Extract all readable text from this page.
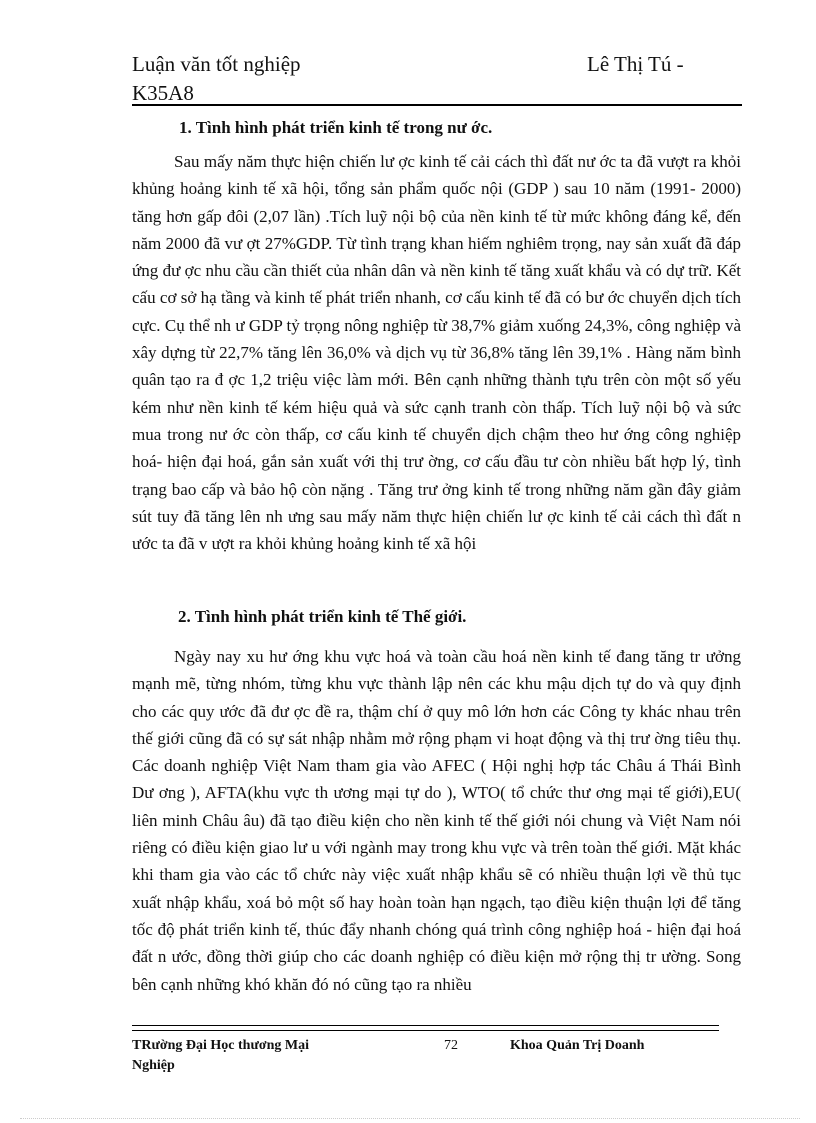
Luận văn tốt nghiệp	Lê Thị Tú -
K35A8
1. Tình hình phát triển kinh tế trong nư ớc.

Sau mấy năm thực hiện chiến lư ợc kinh tế cải cách thì đất nư ớc ta đã vượt ra khỏi khủng hoảng kinh tế xã hội, tổng sản phẩm quốc nội (GDP ) sau 10 năm (1991- 2000) tăng hơn gấp đôi (2,07 lần) .Tích luỹ nội bộ của nền kinh tế từ mức không đáng kể, đến năm 2000 đã vư ợt 27%GDP. Từ tình trạng khan hiếm nghiêm trọng, nay sản xuất đã đáp ứng đư ợc nhu cầu cần thiết của nhân dân và nền kinh tế tăng xuất khẩu và có dự trữ. Kết cấu cơ sở hạ tầng và kinh tế phát triển nhanh, cơ cấu kinh tế đã có bư ớc chuyển dịch tích cực. Cụ thể nh ư GDP tỷ trọng nông nghiệp từ 38,7% giảm xuống 24,3%, công nghiệp và xây dựng từ 22,7% tăng lên 36,0% và dịch vụ từ 36,8% tăng lên 39,1% . Hàng năm bình quân tạo ra đ ợc 1,2 triệu việc làm mới. Bên cạnh những thành tựu trên còn một số yếu kém như nền kinh tế kém hiệu quả và sức cạnh tranh còn thấp. Tích luỹ nội bộ và sức mua trong nư ớc còn thấp, cơ cấu kinh tế chuyển dịch chậm theo hư ớng công nghiệp hoá- hiện đại hoá, gắn sản xuất với thị trư ờng, cơ cấu đầu tư còn nhiều bất hợp lý, tình trạng bao cấp và bảo hộ còn nặng . Tăng trư ởng kinh tế trong những năm gần đây giảm sút tuy đã tăng lên nh ưng sau mấy năm thực hiện chiến lư ợc kinh tế cải cách thì đất n ước ta đã v ượt ra khỏi khủng hoảng kinh tế xã hội

2. Tình hình phát triển kinh tế Thế giới.

Ngày nay xu hư ớng khu vực hoá và toàn cầu hoá nền kinh tế đang tăng tr ưởng mạnh mẽ, từng nhóm, từng khu vực thành lập nên các khu mậu dịch tự do và quy định cho các quy ước đã đư ợc đề ra, thậm chí ở quy mô lớn hơn các Công ty khác nhau trên thế giới cũng đã có sự sát nhập nhằm mở rộng phạm vi hoạt động và thị trư ờng tiêu thụ. Các doanh nghiệp Việt Nam tham gia vào AFEC ( Hội nghị hợp tác Châu á Thái Bình Dư ơng ), AFTA(khu vực th ương mại tự do ), WTO( tổ chức thư ơng mại tế giới),EU( liên minh Châu âu) đã tạo điều kiện cho nền kinh tế thế giới nói chung và Việt Nam nói riêng có điều kiện giao lư u với ngành may trong khu vực và trên toàn thế giới. Mặt khác khi tham gia vào các tổ chức này việc xuất nhập khẩu sẽ có nhiều thuận lợi về thủ tục xuất nhập khẩu, xoá bỏ một số hay hoàn toàn hạn ngạch, tạo điều kiện thuận lợi để tăng tốc độ phát triển kinh tế, thúc đẩy nhanh chóng quá trình công nghiệp hoá - hiện đại hoá đất n ước, đồng thời giúp cho các doanh nghiệp có điều kiện mở rộng thị tr ường. Song bên cạnh những khó khăn đó nó cũng tạo ra nhiều

TRường Đại Học thương Mại	72	Khoa Quản Trị Doanh
Nghiệp
